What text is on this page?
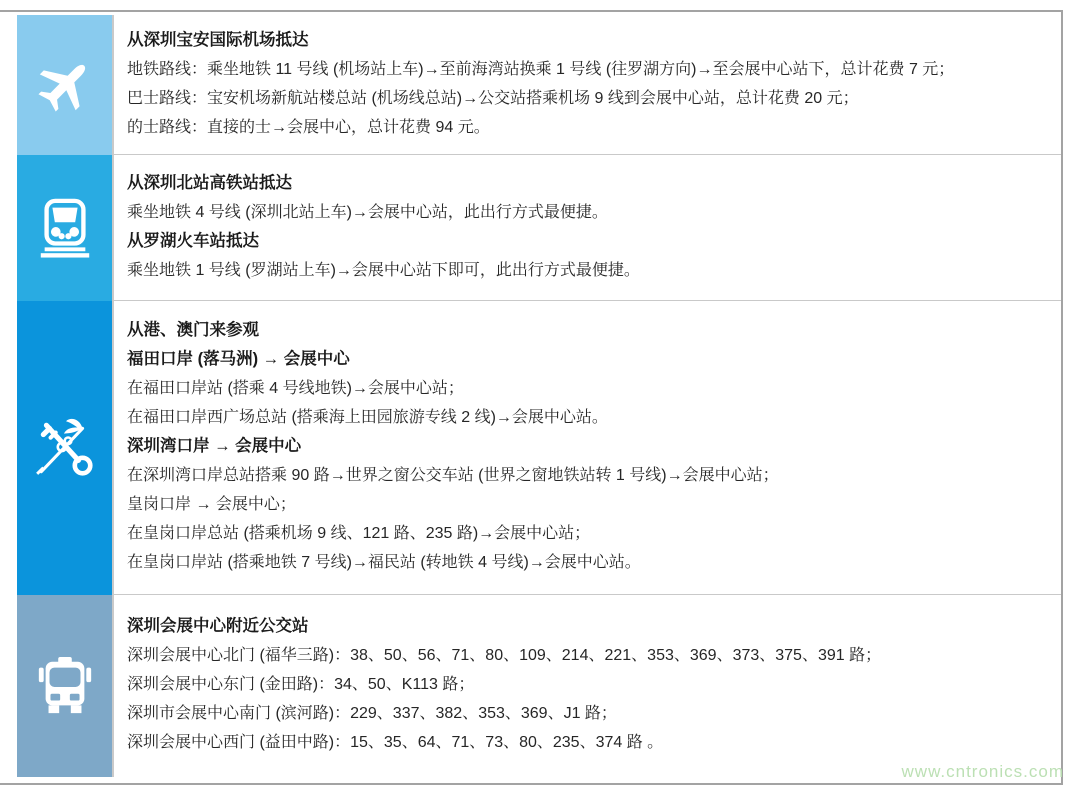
从深圳宝安国际机场抵达
地铁路线：乘坐地铁 11 号线 (机场站上车)→至前海湾站换乘 1 号线 (往罗湖方向)→至会展中心站下，总计花费 7 元；
巴士路线：宝安机场新航站楼总站 (机场线总站)→公交站搭乘机场 9 线到会展中心站，总计花费 20 元；
的士路线：直接的士→会展中心，总计花费 94 元。
从深圳北站高铁站抵达
乘坐地铁 4 号线 (深圳北站上车)→会展中心站，此出行方式最便捷。
从罗湖火车站抵达
乘坐地铁 1 号线 (罗湖站上车)→会展中心站下即可，此出行方式最便捷。
从港、澳门来参观
福田口岸 (落马洲) → 会展中心
在福田口岸站 (搭乘 4 号线地铁)→会展中心站；
在福田口岸西广场总站 (搭乘海上田园旅游专线 2 线)→会展中心站。
深圳湾口岸 → 会展中心
在深圳湾口岸总站搭乘 90 路→世界之窗公交车站 (世界之窗地铁站转 1 号线)→会展中心站；
皇岗口岸 → 会展中心；
在皇岗口岸总站 (搭乘机场 9 线、121 路、235 路)→会展中心站；
在皇岗口岸站 (搭乘地铁 7 号线)→福民站 (转地铁 4 号线)→会展中心站。
深圳会展中心附近公交站
深圳会展中心北门 (福华三路)：38、50、56、71、80、109、214、221、353、369、373、375、391 路；
深圳会展中心东门 (金田路)：34、50、K113 路；
深圳市会展中心南门 (滨河路)：229、337、382、353、369、J1 路；
深圳会展中心西门 (益田中路)：15、35、64、71、73、80、235、374 路 。
www.cntronics.com
